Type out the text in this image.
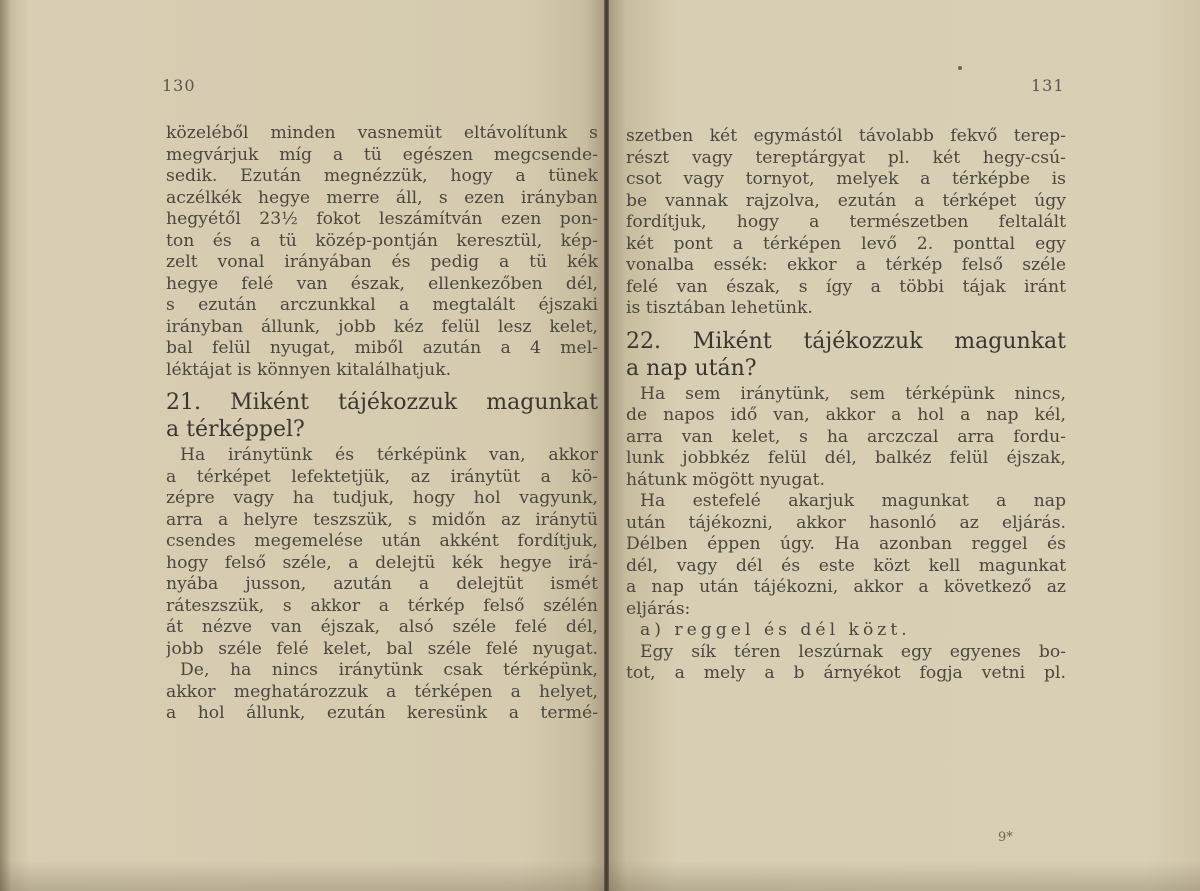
130
közeléből minden vasnemüt eltávolítunk s
megvárjuk míg a tü egészen megcsende-
sedik. Ezután megnézzük, hogy a tünek
aczélkék hegye merre áll, s ezen irányban
hegyétől 23½ fokot leszámítván ezen pon-
ton és a tü közép-pontján keresztül, kép-
zelt vonal irányában és pedig a tü kék
hegye felé van észak, ellenkezőben dél,
s ezután arczunkkal a megtalált éjszaki
irányban állunk, jobb kéz felül lesz kelet,
bal felül nyugat, miből azután a 4 mel-
léktájat is könnyen kitalálhatjuk.
21. Miként tájékozzuk magunkat
a térképpel?
Ha iránytünk és térképünk van, akkor
a térképet lefektetjük, az iránytüt a kö-
zépre vagy ha tudjuk, hogy hol vagyunk,
arra a helyre teszszük, s midőn az iránytü
csendes megemelése után akként fordítjuk,
hogy felső széle, a delejtü kék hegye irá-
nyába jusson, azután a delejtüt ismét
ráteszszük, s akkor a térkép felső szélén
át nézve van éjszak, alsó széle felé dél,
jobb széle felé kelet, bal széle felé nyugat.
De, ha nincs iránytünk csak térképünk,
akkor meghatározzuk a térképen a helyet,
a hol állunk, ezután keresünk a termé-
131
szetben két egymástól távolabb fekvő terep-
részt vagy tereptárgyat pl. két hegy-csú-
csot vagy tornyot, melyek a térképbe is
be vannak rajzolva, ezután a térképet úgy
fordítjuk, hogy a természetben feltalált
két pont a térképen levő 2. ponttal egy
vonalba essék: ekkor a térkép felső széle
felé van észak, s így a többi tájak iránt
is tisztában lehetünk.
22. Miként tájékozzuk magunkat
a nap után?
Ha sem iránytünk, sem térképünk nincs,
de napos idő van, akkor a hol a nap kél,
arra van kelet, s ha arczczal arra fordu-
lunk jobbkéz felül dél, balkéz felül éjszak,
hátunk mögött nyugat.
Ha estefelé akarjuk magunkat a nap
után tájékozni, akkor hasonló az eljárás.
Délben éppen úgy. Ha azonban reggel és
dél, vagy dél és este közt kell magunkat
a nap után tájékozni, akkor a következő az
eljárás:
a) reggel és dél közt.
Egy sík téren leszúrnak egy egyenes bo-
tot, a mely a b árnyékot fogja vetni pl.
9*
